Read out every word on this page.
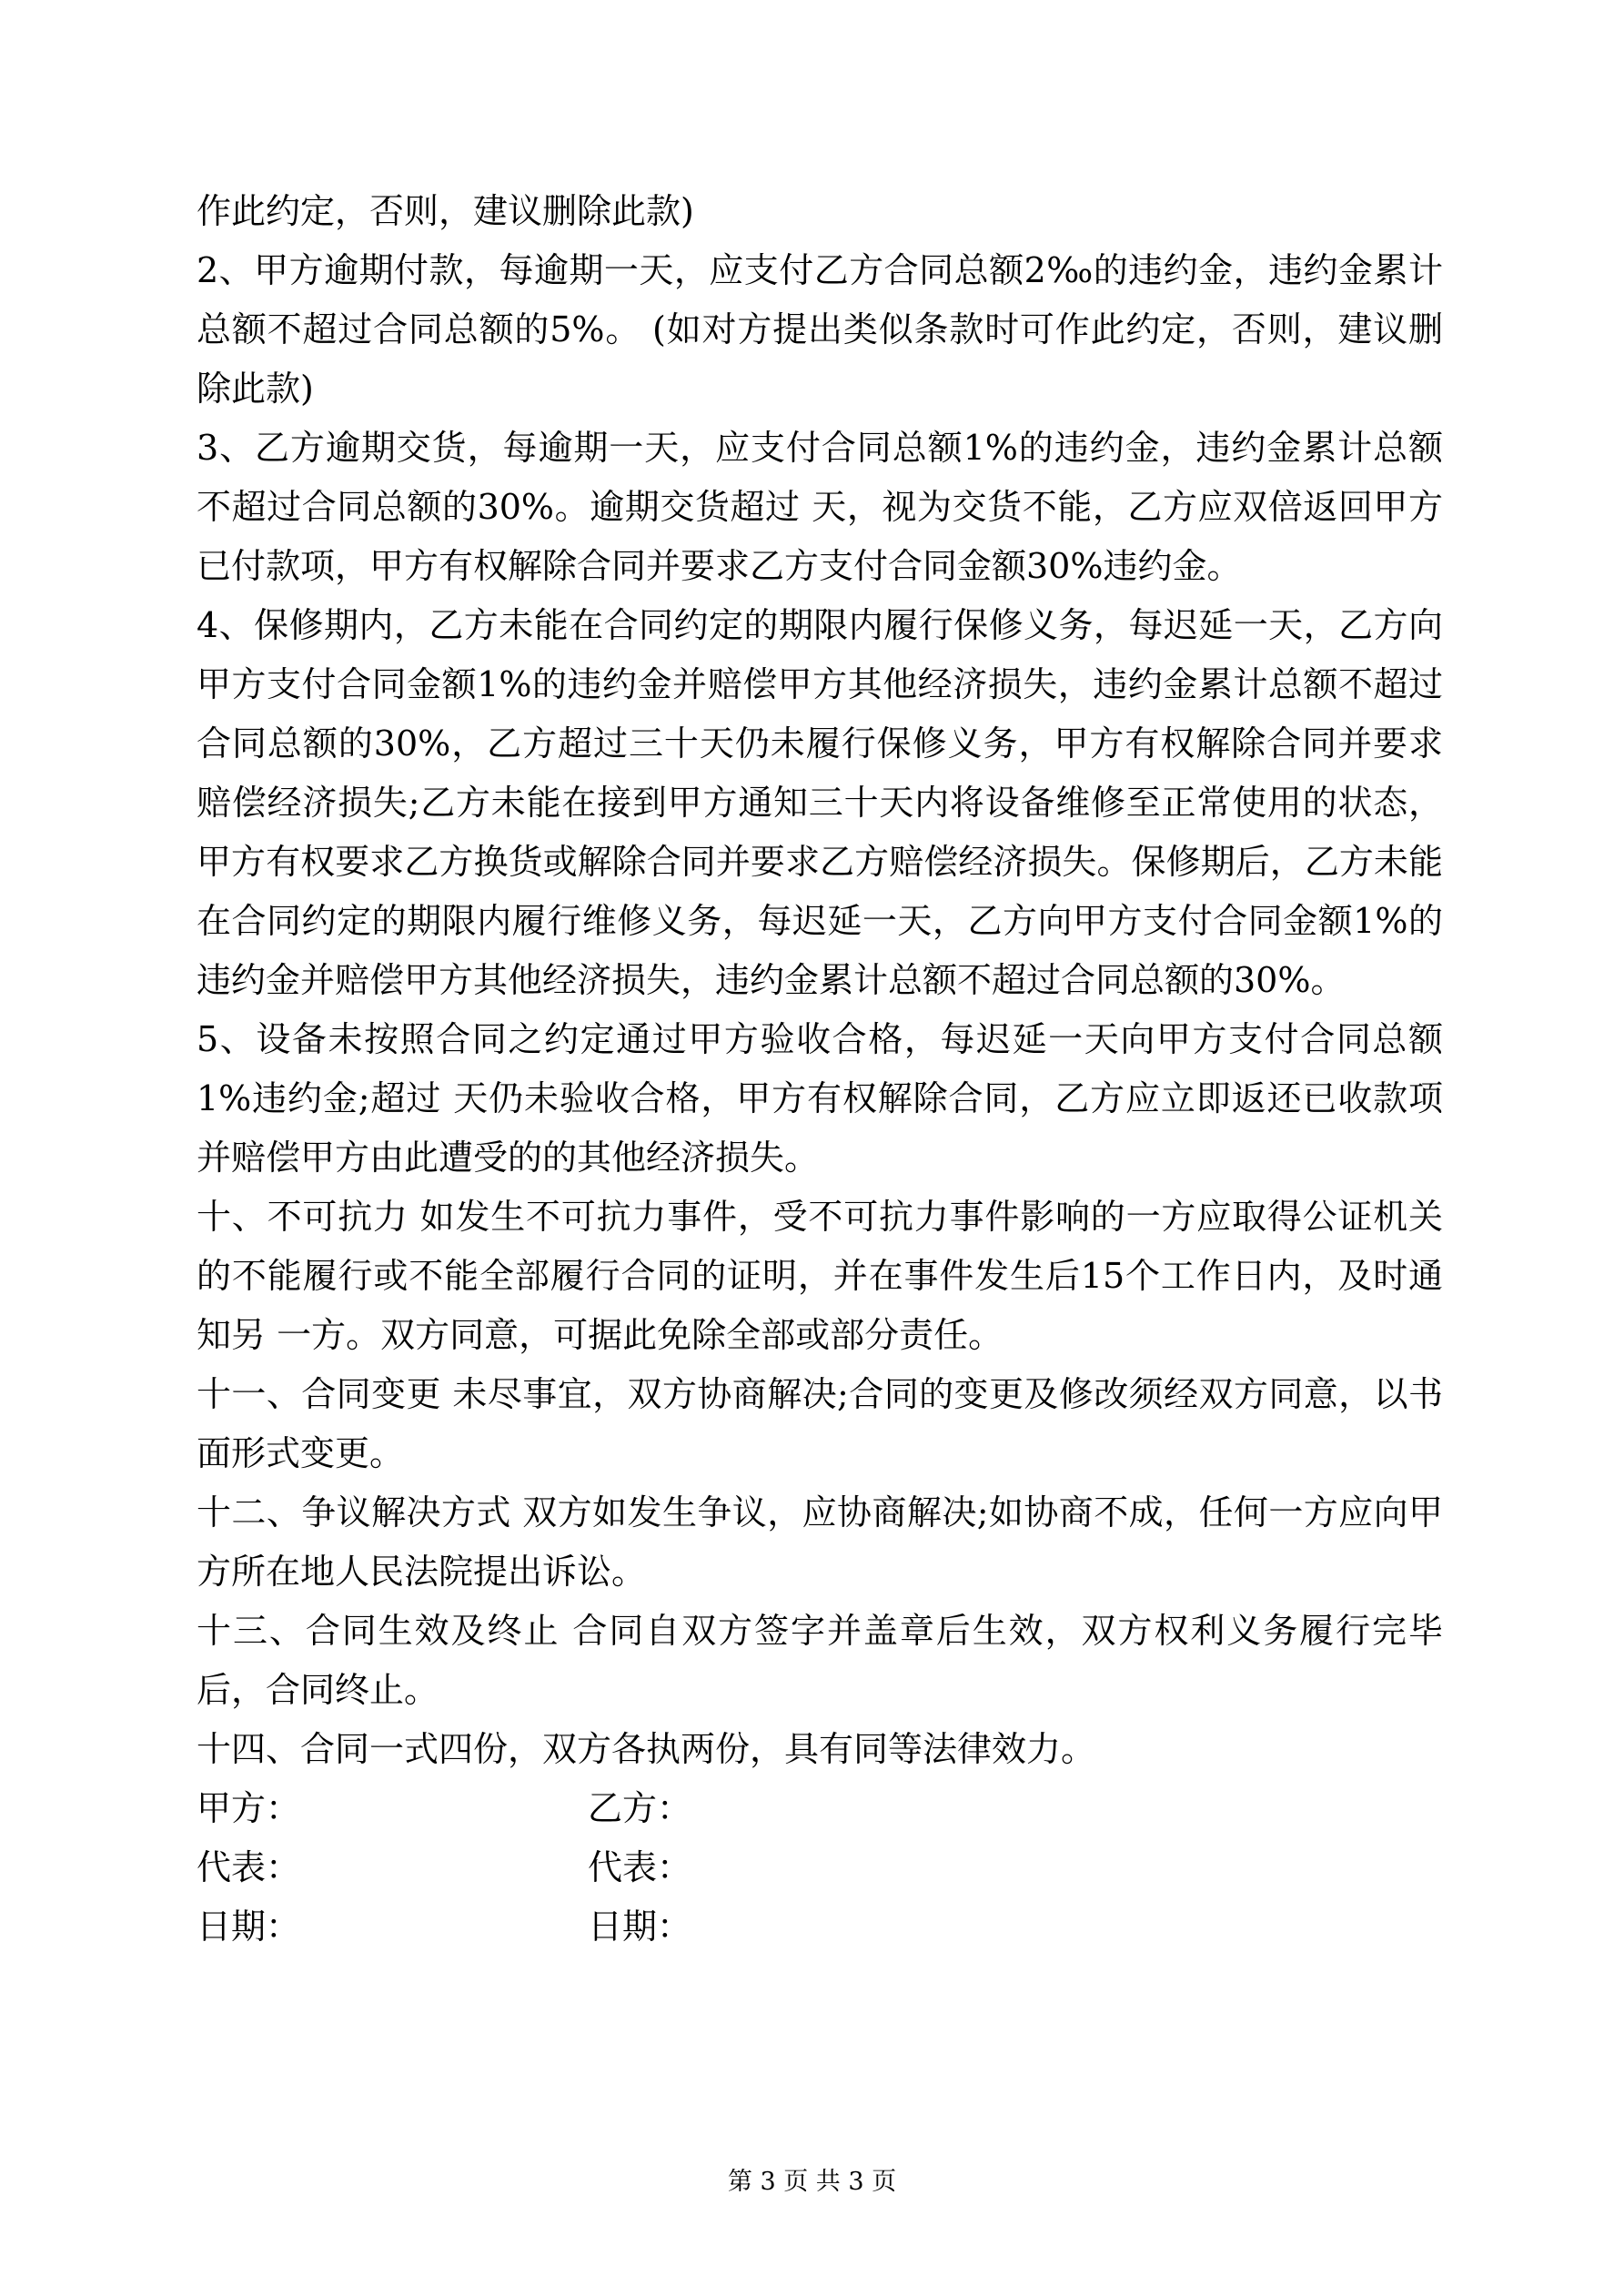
作此约定，否则，建议删除此款)

2、甲方逾期付款，每逾期一天，应支付乙方合同总额2‰的违约金，违约金累计总额不超过合同总额的5%。 (如对方提出类似条款时可作此约定，否则，建议删除此款)

3、乙方逾期交货，每逾期一天，应支付合同总额1%的违约金，违约金累计总额不超过合同总额的30%。逾期交货超过 天，视为交货不能，乙方应双倍返回甲方已付款项，甲方有权解除合同并要求乙方支付合同金额30%违约金。

4、保修期内，乙方未能在合同约定的期限内履行保修义务，每迟延一天，乙方向甲方支付合同金额1%的违约金并赔偿甲方其他经济损失，违约金累计总额不超过合同总额的30%，乙方超过三十天仍未履行保修义务，甲方有权解除合同并要求赔偿经济损失;乙方未能在接到甲方通知三十天内将设备维修至正常使用的状态，甲方有权要求乙方换货或解除合同并要求乙方赔偿经济损失。保修期后，乙方未能在合同约定的期限内履行维修义务，每迟延一天，乙方向甲方支付合同金额1%的违约金并赔偿甲方其他经济损失，违约金累计总额不超过合同总额的30%。

5、设备未按照合同之约定通过甲方验收合格，每迟延一天向甲方支付合同总额1%违约金;超过 天仍未验收合格，甲方有权解除合同，乙方应立即返还已收款项并赔偿甲方由此遭受的的其他经济损失。

十、不可抗力 如发生不可抗力事件，受不可抗力事件影响的一方应取得公证机关的不能履行或不能全部履行合同的证明，并在事件发生后15个工作日内，及时通知另 一方。双方同意，可据此免除全部或部分责任。

十一、合同变更 未尽事宜，双方协商解决;合同的变更及修改须经双方同意，以书面形式变更。

十二、争议解决方式 双方如发生争议，应协商解决;如协商不成，任何一方应向甲方所在地人民法院提出诉讼。

十三、合同生效及终止 合同自双方签字并盖章后生效，双方权利义务履行完毕后，合同终止。

十四、合同一式四份，双方各执两份，具有同等法律效力。

甲方：	乙方：
代表：	代表：
日期：	日期：
第 3 页 共 3 页
